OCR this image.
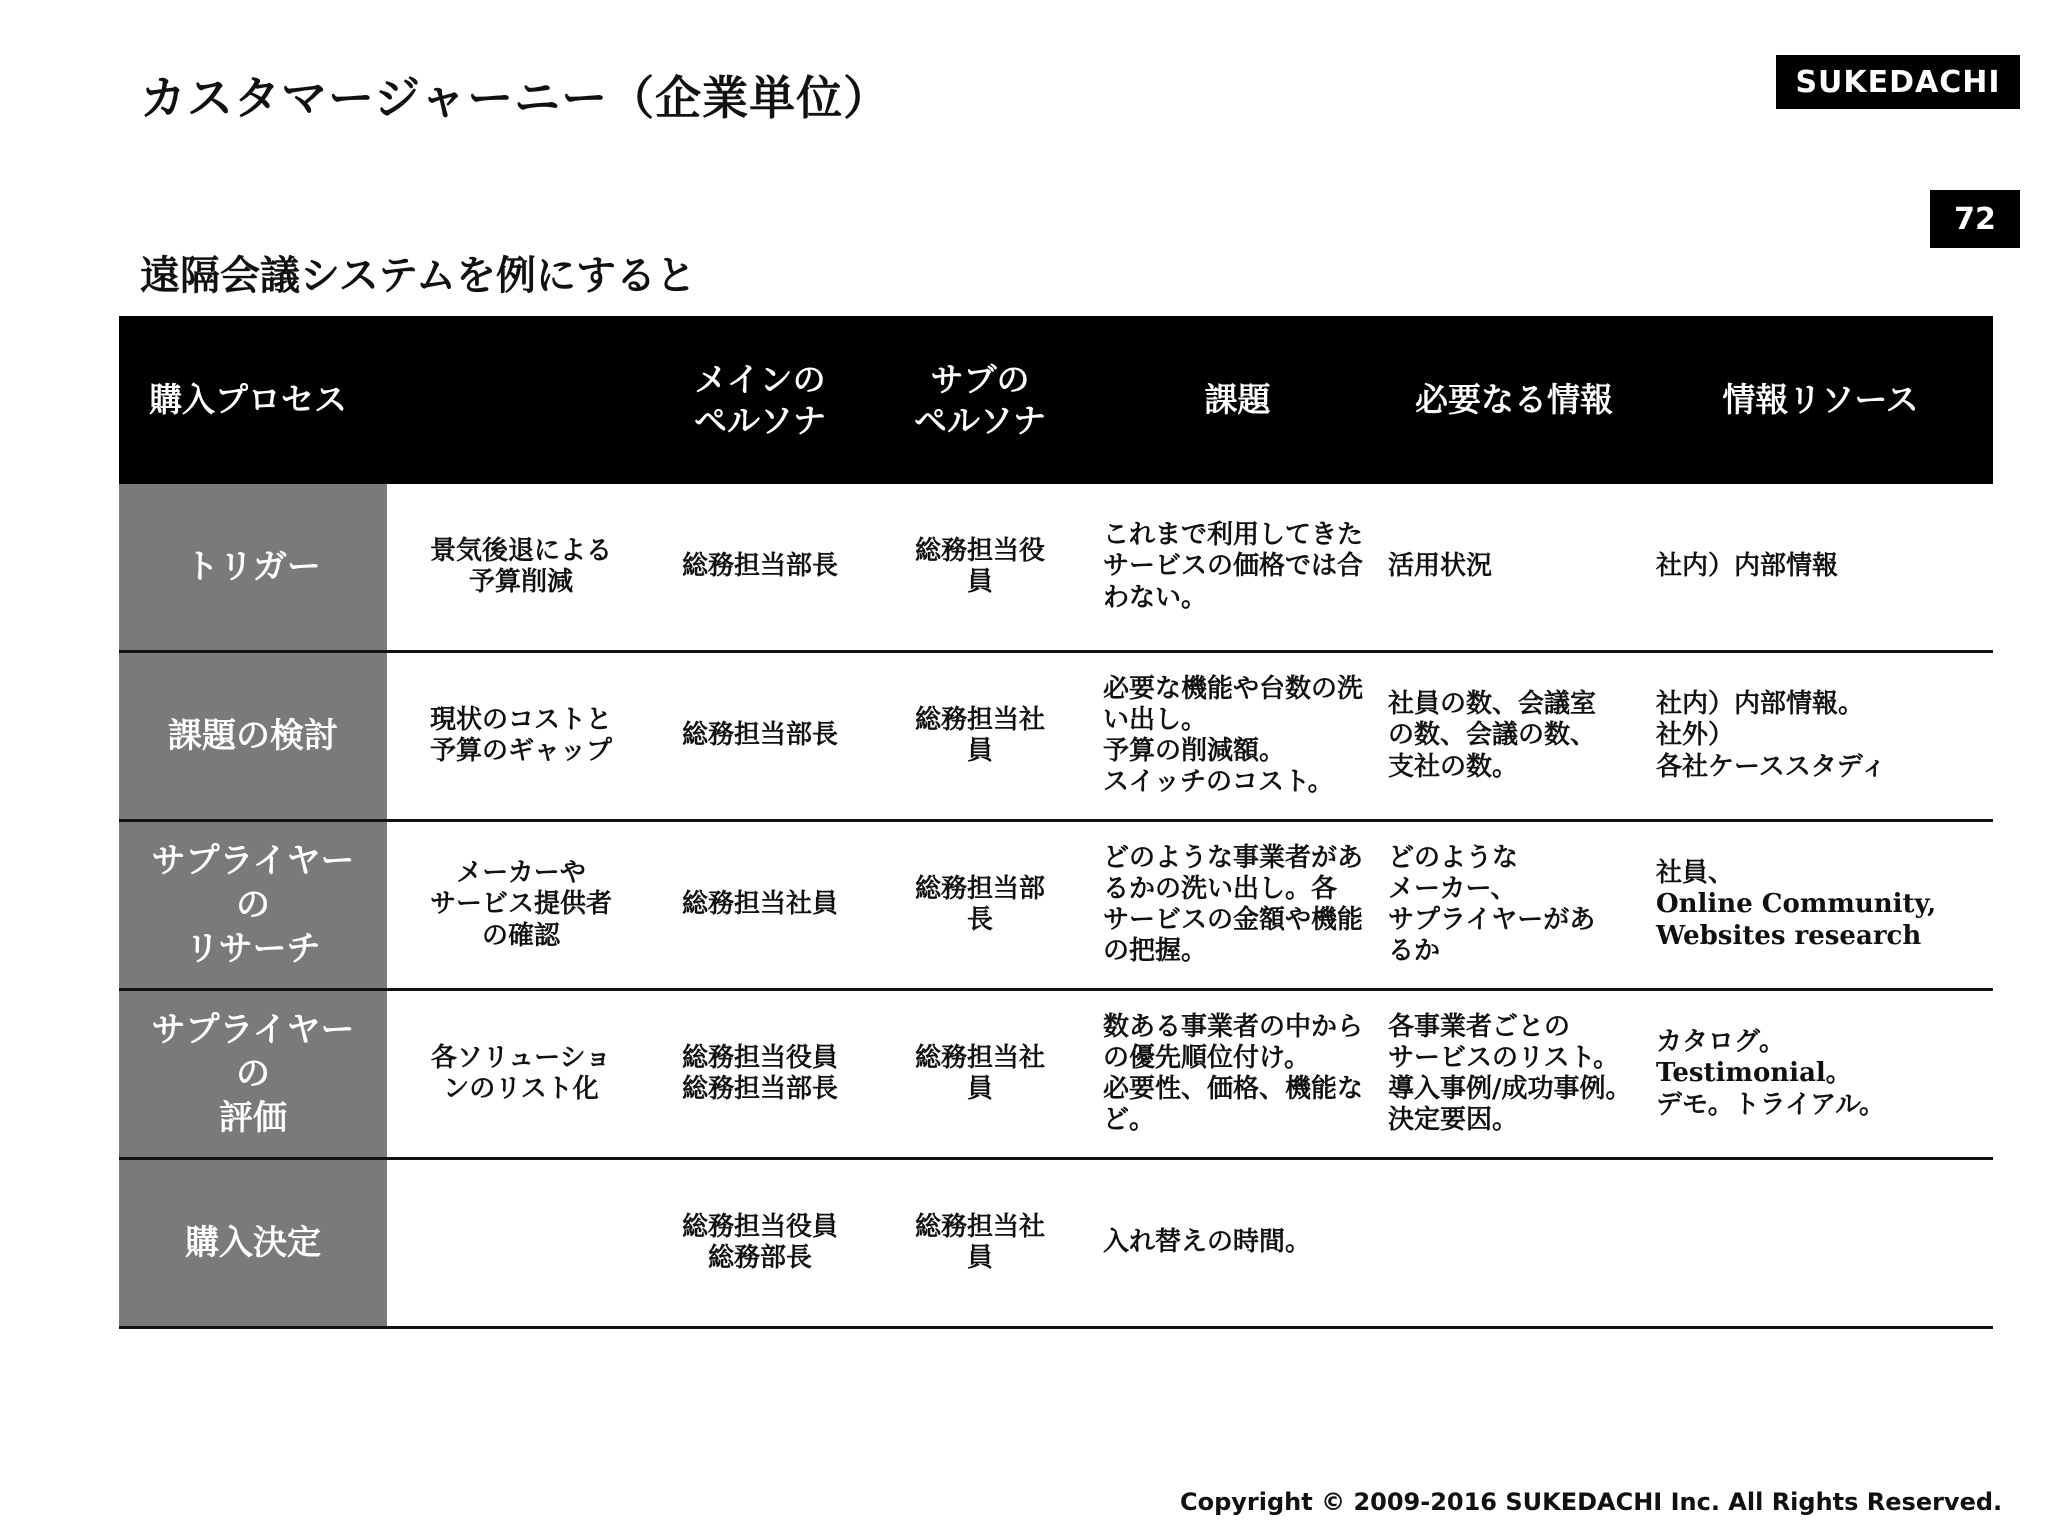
カスタマージャーニー（企業単位）	SUKEDACHI
72
遠隔会議システムを例にすると
購入プロセス		メインの
ペルソナ	サブの
ペルソナ	課題	必要なる情報	情報リソース
トリガー	景気後退による
予算削減	総務担当部長	総務担当役
員	これまで利用してきた
サービスの価格では合
わない。	活用状況	社内）内部情報
課題の検討	現状のコストと
予算のギャップ	総務担当部長	総務担当社
員	必要な機能や台数の洗
い出し。
予算の削減額。
スイッチのコスト。	社員の数、会議室
の数、会議の数、
支社の数。	社内）内部情報。
社外）
各社ケーススタディ
サプライヤー
の
リサーチ	メーカーや
サービス提供者
の確認	総務担当社員	総務担当部
長	どのような事業者があ
るかの洗い出し。各
サービスの金額や機能
の把握。	どのような
メーカー、
サプライヤーがあ
るか	社員、
Online Community,
Websites research
サプライヤー
の
評価	各ソリューショ
ンのリスト化	総務担当役員
総務担当部長	総務担当社
員	数ある事業者の中から
の優先順位付け。
必要性、価格、機能な
ど。	各事業者ごとの
サービスのリスト。
導入事例/成功事例。
決定要因。	カタログ。
Testimonial。
デモ。トライアル。
購入決定		総務担当役員
総務部長	総務担当社
員	入れ替えの時間。		
Copyright © 2009-2016 SUKEDACHI Inc. All Rights Reserved.
